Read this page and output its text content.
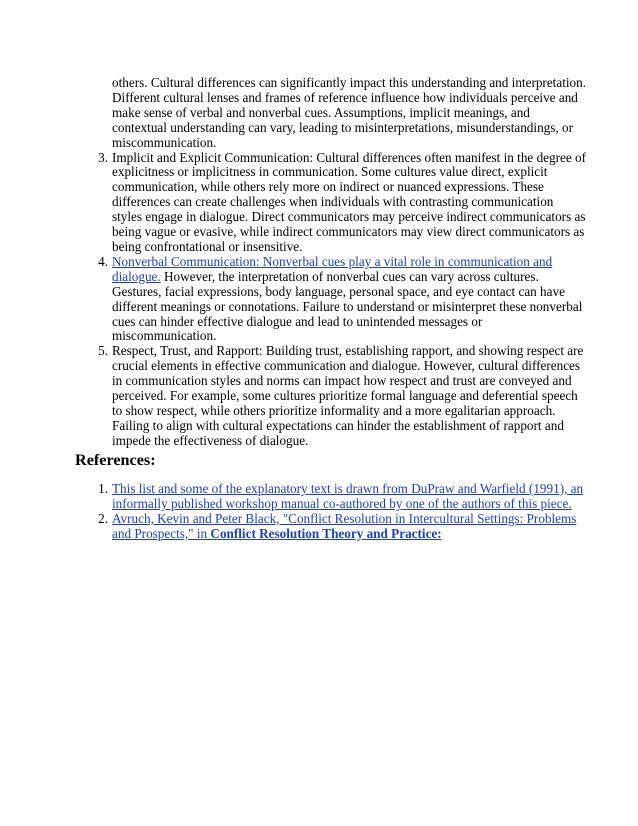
others. Cultural differences can significantly impact this understanding and interpretation.
Different cultural lenses and frames of reference influence how individuals perceive and
make sense of verbal and nonverbal cues. Assumptions, implicit meanings, and
contextual understanding can vary, leading to misinterpretations, misunderstandings, or
miscommunication.
3. Implicit and Explicit Communication: Cultural differences often manifest in the degree of
explicitness or implicitness in communication. Some cultures value direct, explicit
communication, while others rely more on indirect or nuanced expressions. These
differences can create challenges when individuals with contrasting communication
styles engage in dialogue. Direct communicators may perceive indirect communicators as
being vague or evasive, while indirect communicators may view direct communicators as
being confrontational or insensitive.
4. Nonverbal Communication: Nonverbal cues play a vital role in communication and
dialogue. However, the interpretation of nonverbal cues can vary across cultures.
Gestures, facial expressions, body language, personal space, and eye contact can have
different meanings or connotations. Failure to understand or misinterpret these nonverbal
cues can hinder effective dialogue and lead to unintended messages or
miscommunication.
5. Respect, Trust, and Rapport: Building trust, establishing rapport, and showing respect are
crucial elements in effective communication and dialogue. However, cultural differences
in communication styles and norms can impact how respect and trust are conveyed and
perceived. For example, some cultures prioritize formal language and deferential speech
to show respect, while others prioritize informality and a more egalitarian approach.
Failing to align with cultural expectations can hinder the establishment of rapport and
impede the effectiveness of dialogue.
References:
1. This list and some of the explanatory text is drawn from DuPraw and Warfield (1991), an
informally published workshop manual co-authored by one of the authors of this piece.
2. Avruch, Kevin and Peter Black, "Conflict Resolution in Intercultural Settings: Problems
and Prospects," in Conflict Resolution Theory and Practice:
